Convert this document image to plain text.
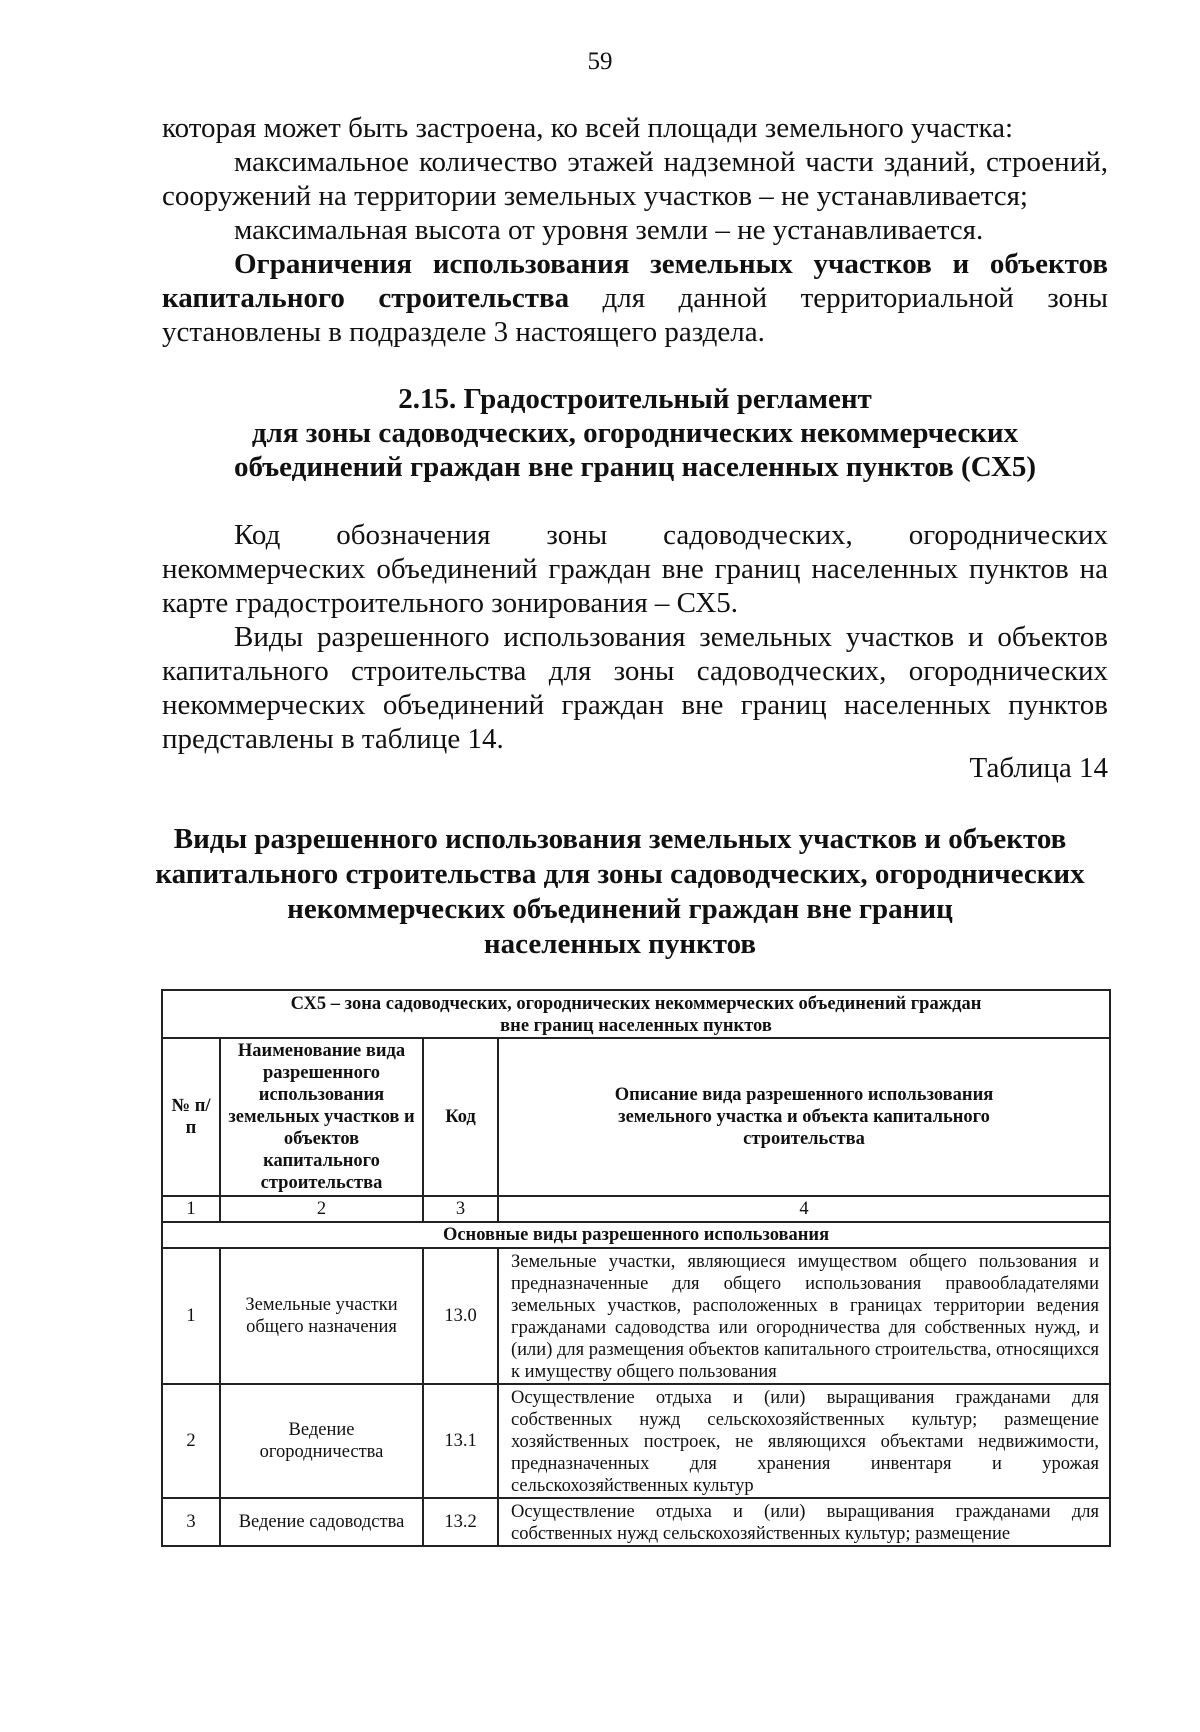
59

которая может быть застроена, ко всей площади земельного участка:

максимальное количество этажей надземной части зданий, строений, сооружений на территории земельных участков – не устанавливается;

максимальная высота от уровня земли – не устанавливается.

Ограничения использования земельных участков и объектов капитального строительства для данной территориальной зоны установлены в подразделе 3 настоящего раздела.

2.15. Градостроительный регламент
для зоны садоводческих, огороднических некоммерческих
объединений граждан вне границ населенных пунктов (СХ5)

Код обозначения зоны садоводческих, огороднических некоммерческих объединений граждан вне границ населенных пунктов на карте градостроительного зонирования – СХ5.

Виды разрешенного использования земельных участков и объектов капитального строительства для зоны садоводческих, огороднических некоммерческих объединений граждан вне границ населенных пунктов представлены в таблице 14.

Таблица 14
Виды разрешенного использования земельных участков и объектов
капитального строительства для зоны садоводческих, огороднических
некоммерческих объединений граждан вне границ
населенных пунктов
СХ5 – зона садоводческих, огороднических некоммерческих объединений граждан
вне границ населенных пунктов			

№ п/п	Наименование вида разрешенного использования земельных участков и объектов капитального строительства	Код	Описание вида разрешенного использования земельного участка и объекта капитального строительства
1	2	3	4
Основные виды разрешенного использования			
1	Земельные участки общего назначения	13.0	Земельные участки, являющиеся имуществом общего пользования и предназначенные для общего использования правообладателями земельных участков, расположенных в границах территории ведения гражданами садоводства или огородничества для собственных нужд, и (или) для размещения объектов капитального строительства, относящихся к имуществу общего пользования
2	Ведение огородничества	13.1	Осуществление отдыха и (или) выращивания гражданами для собственных нужд сельскохозяйственных культур; размещение хозяйственных построек, не являющихся объектами недвижимости, предназначенных для хранения инвентаря и урожая сельскохозяйственных культур
3	Ведение садоводства	13.2	Осуществление отдыха и (или) выращивания гражданами для собственных нужд сельскохозяйственных культур; размещение
